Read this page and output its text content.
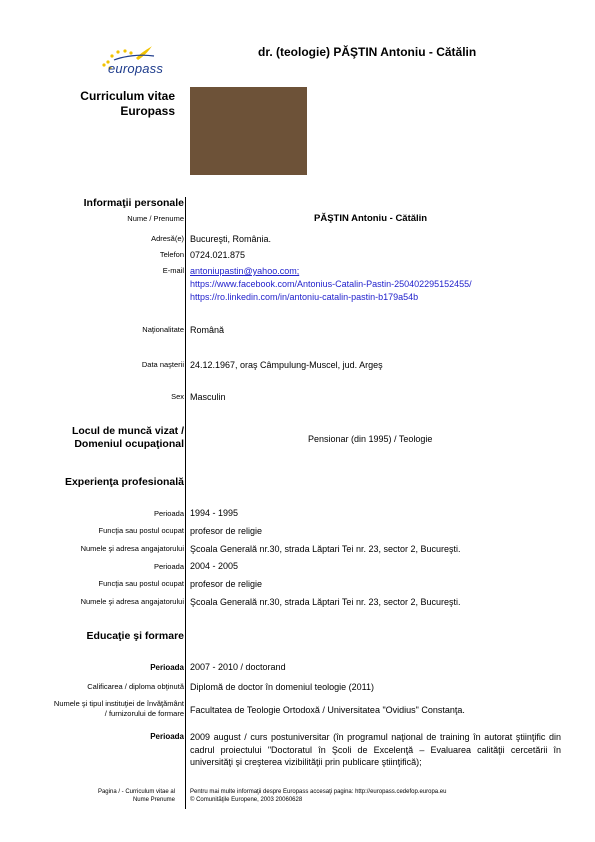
europass
dr. (teologie) PĂŞTIN Antoniu - Cătălin
Curriculum vitae
Europass
Informaţii personale
Nume / Prenume	PĂŞTIN Antoniu - Cătălin
Adresă(e) Bucureşti, România.
Telefon 0724.021.875
E-mail antoniupastin@yahoo.com;
https://www.facebook.com/Antonius-Catalin-Pastin-250402295152455/
https://ro.linkedin.com/in/antoniu-catalin-pastin-b179a54b
Naţionalitate Română
Data naşterii 24.12.1967, oraş Câmpulung-Muscel, jud. Argeş
Sex Masculin
Locul de muncă vizat /
Domeniul ocupaţional	Pensionar (din 1995) / Teologie
Experienţa profesională
Perioada 1994 - 1995
Funcţia sau postul ocupat profesor de religie
Numele şi adresa angajatorului Şcoala Generală nr.30, strada Lăptari Tei nr. 23, sector 2, Bucureşti.
Perioada 2004 - 2005
Funcţia sau postul ocupat profesor de religie
Numele şi adresa angajatorului Şcoala Generală nr.30, strada Lăptari Tei nr. 23, sector 2, Bucureşti.
Educaţie şi formare
Perioada 2007 - 2010 / doctorand
Calificarea / diploma obţinută Diplomă de doctor în domeniul teologie (2011)
Numele şi tipul instituţiei de învăţământ
/ furnizorului de formare Facultatea de Teologie Ortodoxă / Universitatea "Ovidius" Constanţa.
Perioada 2009 august / curs postuniversitar (în programul naţional de training în autorat ştiinţific din cadrul proiectului "Doctoratul în Şcoli de Excelenţă – Evaluarea calităţii cercetării în universităţi şi creşterea vizibilităţii prin publicare ştiinţifică);
Pagina / - Curriculum vitae al
Nume Prenume
Pentru mai multe informaţii despre Europass accesaţi pagina: http://europass.cedefop.europa.eu
© Comunităţile Europene, 2003 20060628
